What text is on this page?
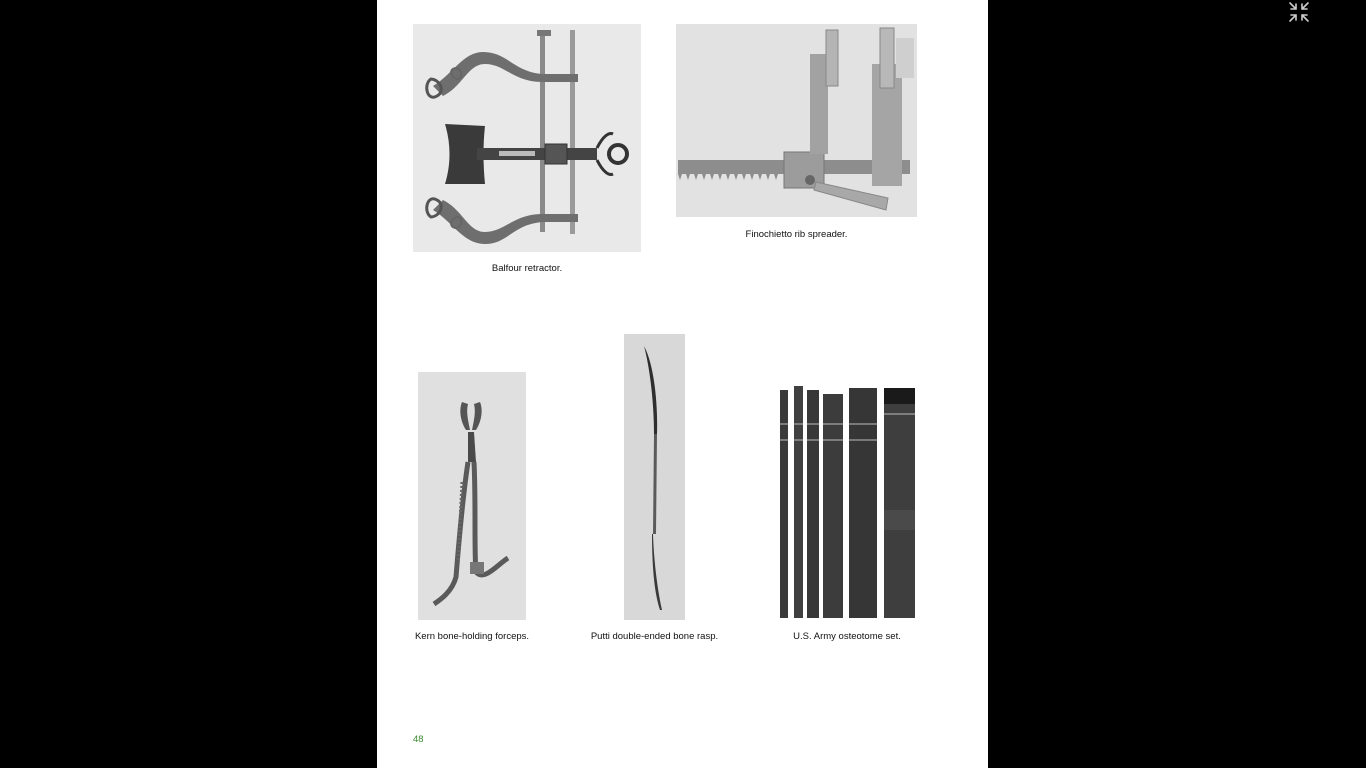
Balfour retractor.
Finochietto rib spreader.
Kern bone-holding forceps.	Putti double-ended bone rasp.	U.S. Army osteotome set.
48
